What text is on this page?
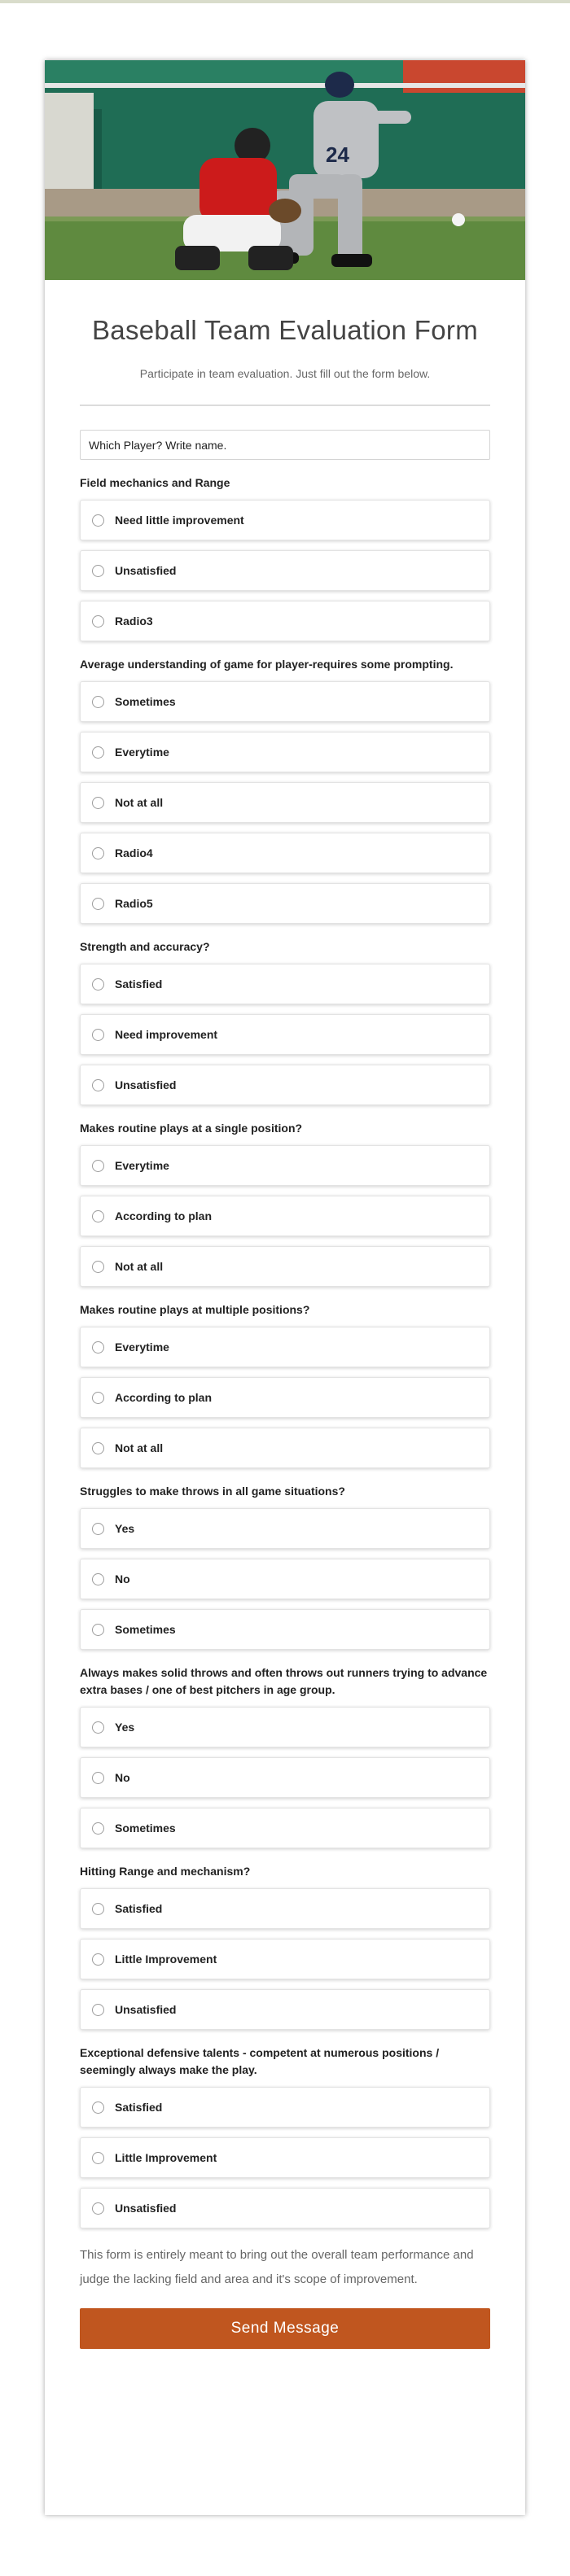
24
Baseball Team Evaluation Form

Participate in team evaluation. Just fill out the form below.

Which Player? Write name.
Field mechanics and Range
Need little improvement
Unsatisfied
Radio3
Average understanding of game for player-requires some prompting.
Sometimes
Everytime
Not at all
Radio4
Radio5
Strength and accuracy?
Satisfied
Need improvement
Unsatisfied
Makes routine plays at a single position?
Everytime
According to plan
Not at all
Makes routine plays at multiple positions?
Everytime
According to plan
Not at all
Struggles to make throws in all game situations?
Yes
No
Sometimes
Always makes solid throws and often throws out runners trying to advance extra bases / one of best pitchers in age group.
Yes
No
Sometimes
Hitting Range and mechanism?
Satisfied
Little Improvement
Unsatisfied
Exceptional defensive talents - competent at numerous positions / seemingly always make the play.
Satisfied
Little Improvement
Unsatisfied

This form is entirely meant to bring out the overall team performance and judge the lacking field and area and it's scope of improvement.

Send Message
